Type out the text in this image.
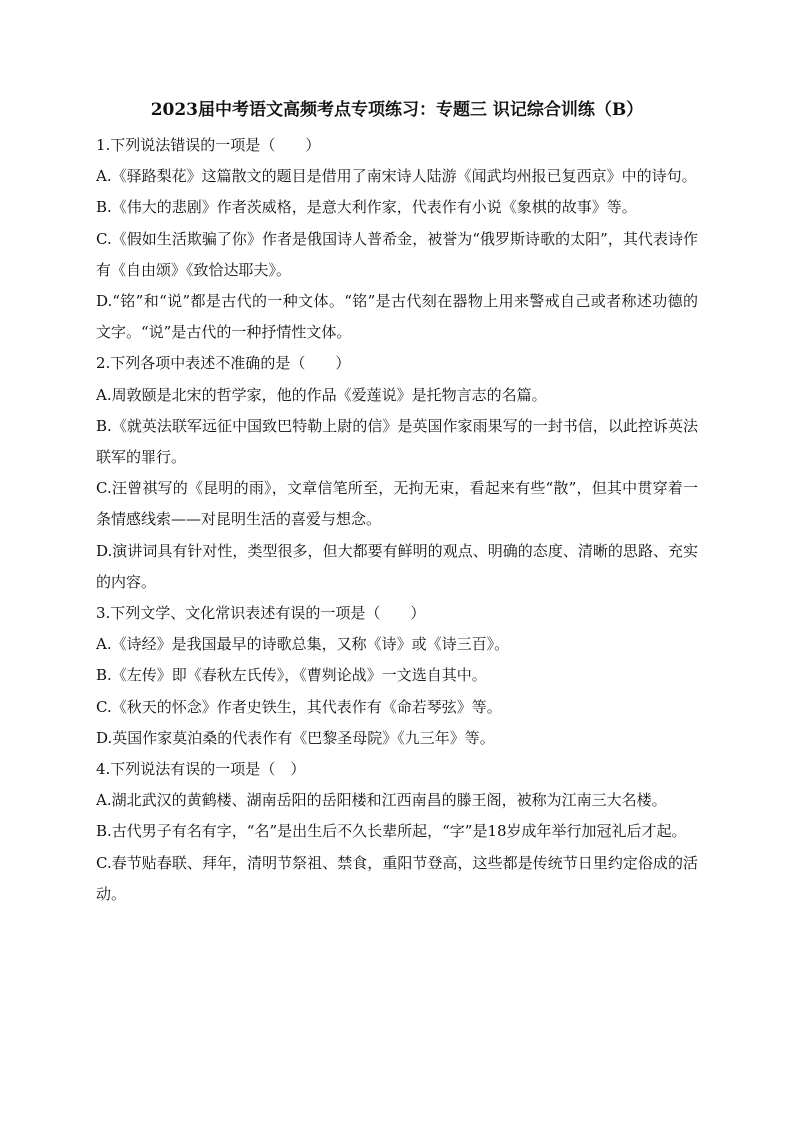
2023届中考语文高频考点专项练习：专题三 识记综合训练（B）

1.下列说法错误的一项是（　　）

A.《驿路梨花》这篇散文的题目是借用了南宋诗人陆游《闻武均州报已复西京》中的诗句。

B.《伟大的悲剧》作者茨威格，是意大利作家，代表作有小说《象棋的故事》等。

C.《假如生活欺骗了你》作者是俄国诗人普希金，被誉为“俄罗斯诗歌的太阳”，其代表诗作有《自由颂》《致恰达耶夫》。

D.“铭”和“说”都是古代的一种文体。“铭”是古代刻在器物上用来警戒自己或者称述功德的文字。“说”是古代的一种抒情性文体。

2.下列各项中表述不准确的是（　　）

A.周敦颐是北宋的哲学家，他的作品《爱莲说》是托物言志的名篇。

B.《就英法联军远征中国致巴特勒上尉的信》是英国作家雨果写的一封书信，以此控诉英法联军的罪行。

C.汪曾祺写的《昆明的雨》，文章信笔所至，无拘无束，看起来有些“散”，但其中贯穿着一条情感线索——对昆明生活的喜爱与想念。

D.演讲词具有针对性，类型很多，但大都要有鲜明的观点、明确的态度、清晰的思路、充实的内容。

3.下列文学、文化常识表述有误的一项是（　　）

A.《诗经》是我国最早的诗歌总集，又称《诗》或《诗三百》。

B.《左传》即《春秋左氏传》，《曹刿论战》一文选自其中。

C.《秋天的怀念》作者史铁生，其代表作有《命若琴弦》等。

D.英国作家莫泊桑的代表作有《巴黎圣母院》《九三年》等。

4.下列说法有误的一项是（　）

A.湖北武汉的黄鹤楼、湖南岳阳的岳阳楼和江西南昌的滕王阁，被称为江南三大名楼。

B.古代男子有名有字，“名”是出生后不久长辈所起，“字”是18岁成年举行加冠礼后才起。

C.春节贴春联、拜年，清明节祭祖、禁食，重阳节登高，这些都是传统节日里约定俗成的活动。
